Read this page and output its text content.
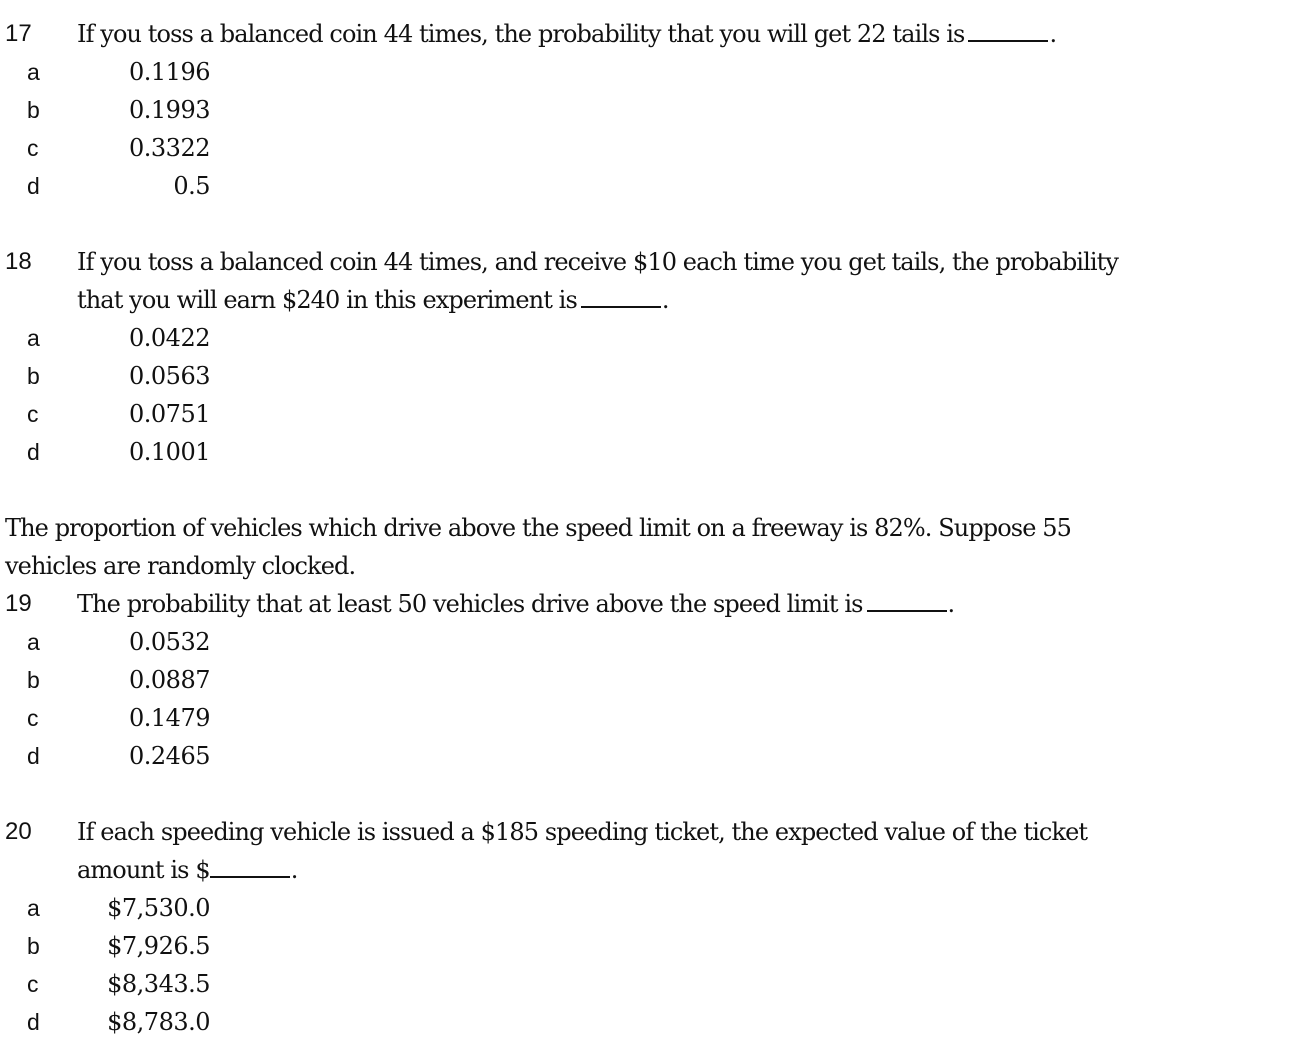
17	If you toss a balanced coin 44 times, the probability that you will get 22 tails is	.
a	0.1196
b	0.1993
c	0.3322
d	0.5
18	If you toss a balanced coin 44 times, and receive $10 each time you get tails, the probability
that you will earn $240 in this experiment is	.
a	0.0422
b	0.0563
c	0.0751
d	0.1001
The proportion of vehicles which drive above the speed limit on a freeway is 82%. Suppose 55
vehicles are randomly clocked.
19	The probability that at least 50 vehicles drive above the speed limit is	.
a	0.0532
b	0.0887
c	0.1479
d	0.2465
20	If each speeding vehicle is issued a $185 speeding ticket, the expected value of the ticket
amount is $	.
a	$7,530.0
b	$7,926.5
c	$8,343.5
d	$8,783.0
